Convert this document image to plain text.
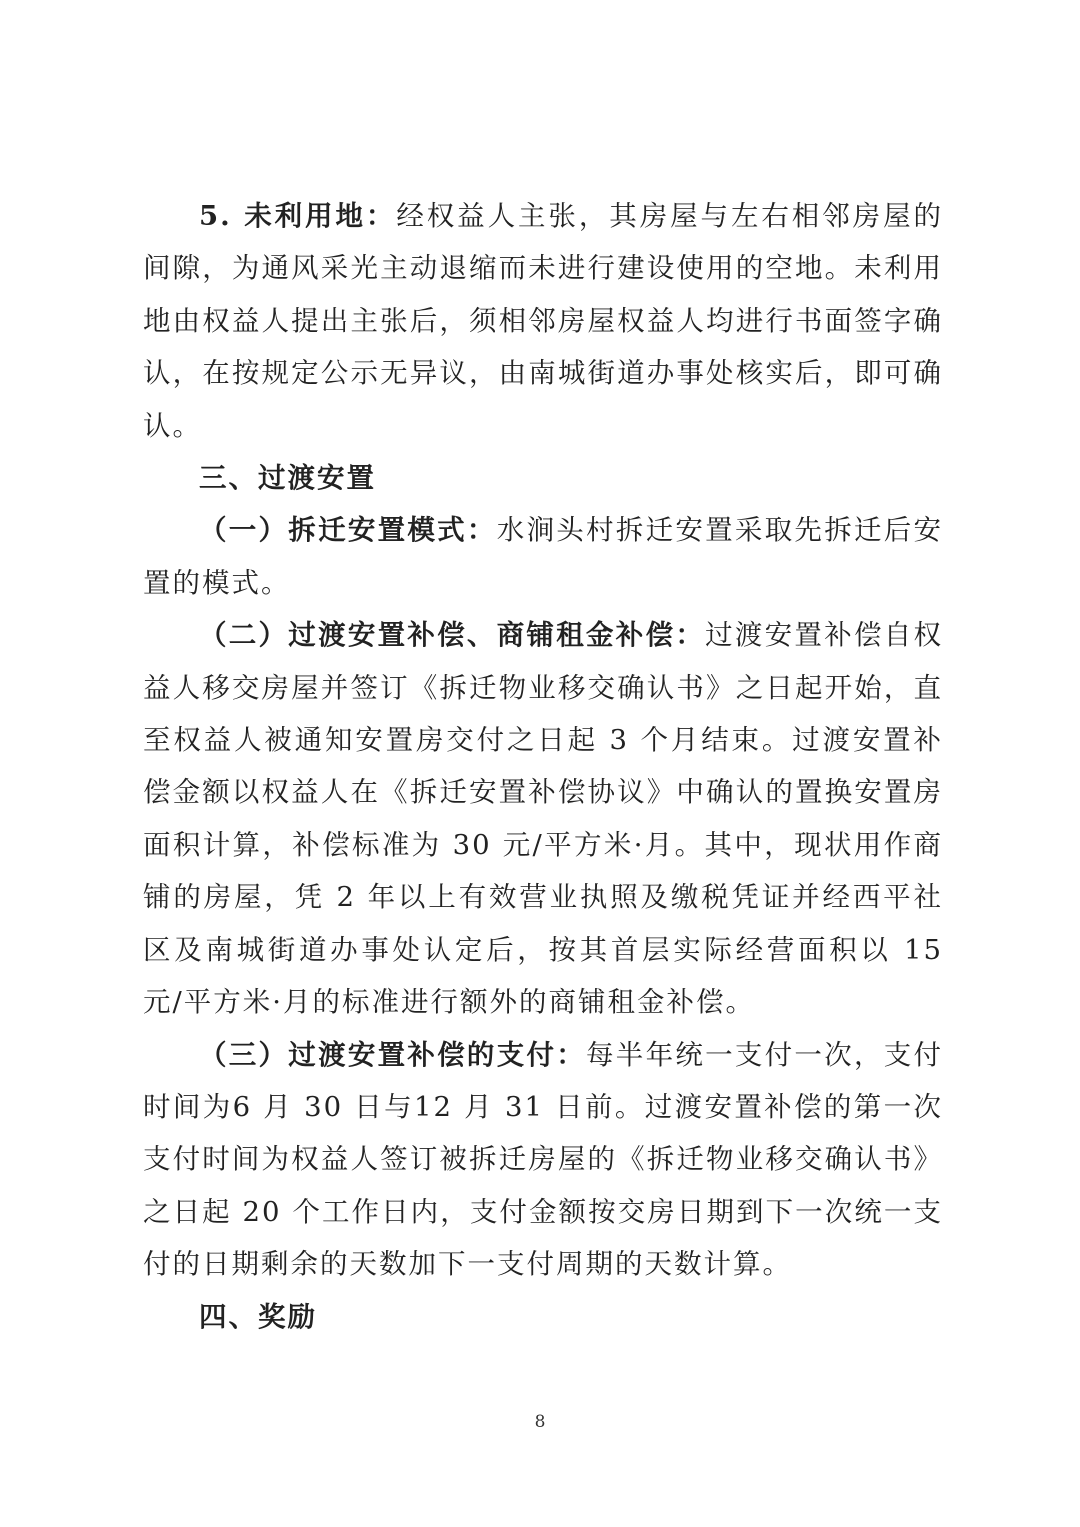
5. 未利用地：经权益人主张，其房屋与左右相邻房屋的间隙，为通风采光主动退缩而未进行建设使用的空地。未利用地由权益人提出主张后，须相邻房屋权益人均进行书面签字确认，在按规定公示无异议，由南城街道办事处核实后，即可确认。

三、过渡安置

（一）拆迁安置模式：水涧头村拆迁安置采取先拆迁后安置的模式。

（二）过渡安置补偿、商铺租金补偿：过渡安置补偿自权益人移交房屋并签订《拆迁物业移交确认书》之日起开始，直至权益人被通知安置房交付之日起 3 个月结束。过渡安置补偿金额以权益人在《拆迁安置补偿协议》中确认的置换安置房面积计算，补偿标准为 30 元/平方米·月。其中，现状用作商铺的房屋，凭 2 年以上有效营业执照及缴税凭证并经西平社区及南城街道办事处认定后，按其首层实际经营面积以 15 元/平方米·月的标准进行额外的商铺租金补偿。

（三）过渡安置补偿的支付：每半年统一支付一次，支付时间为6 月 30 日与12 月 31 日前。过渡安置补偿的第一次支付时间为权益人签订被拆迁房屋的《拆迁物业移交确认书》之日起 20 个工作日内，支付金额按交房日期到下一次统一支付的日期剩余的天数加下一支付周期的天数计算。

四、奖励

8
